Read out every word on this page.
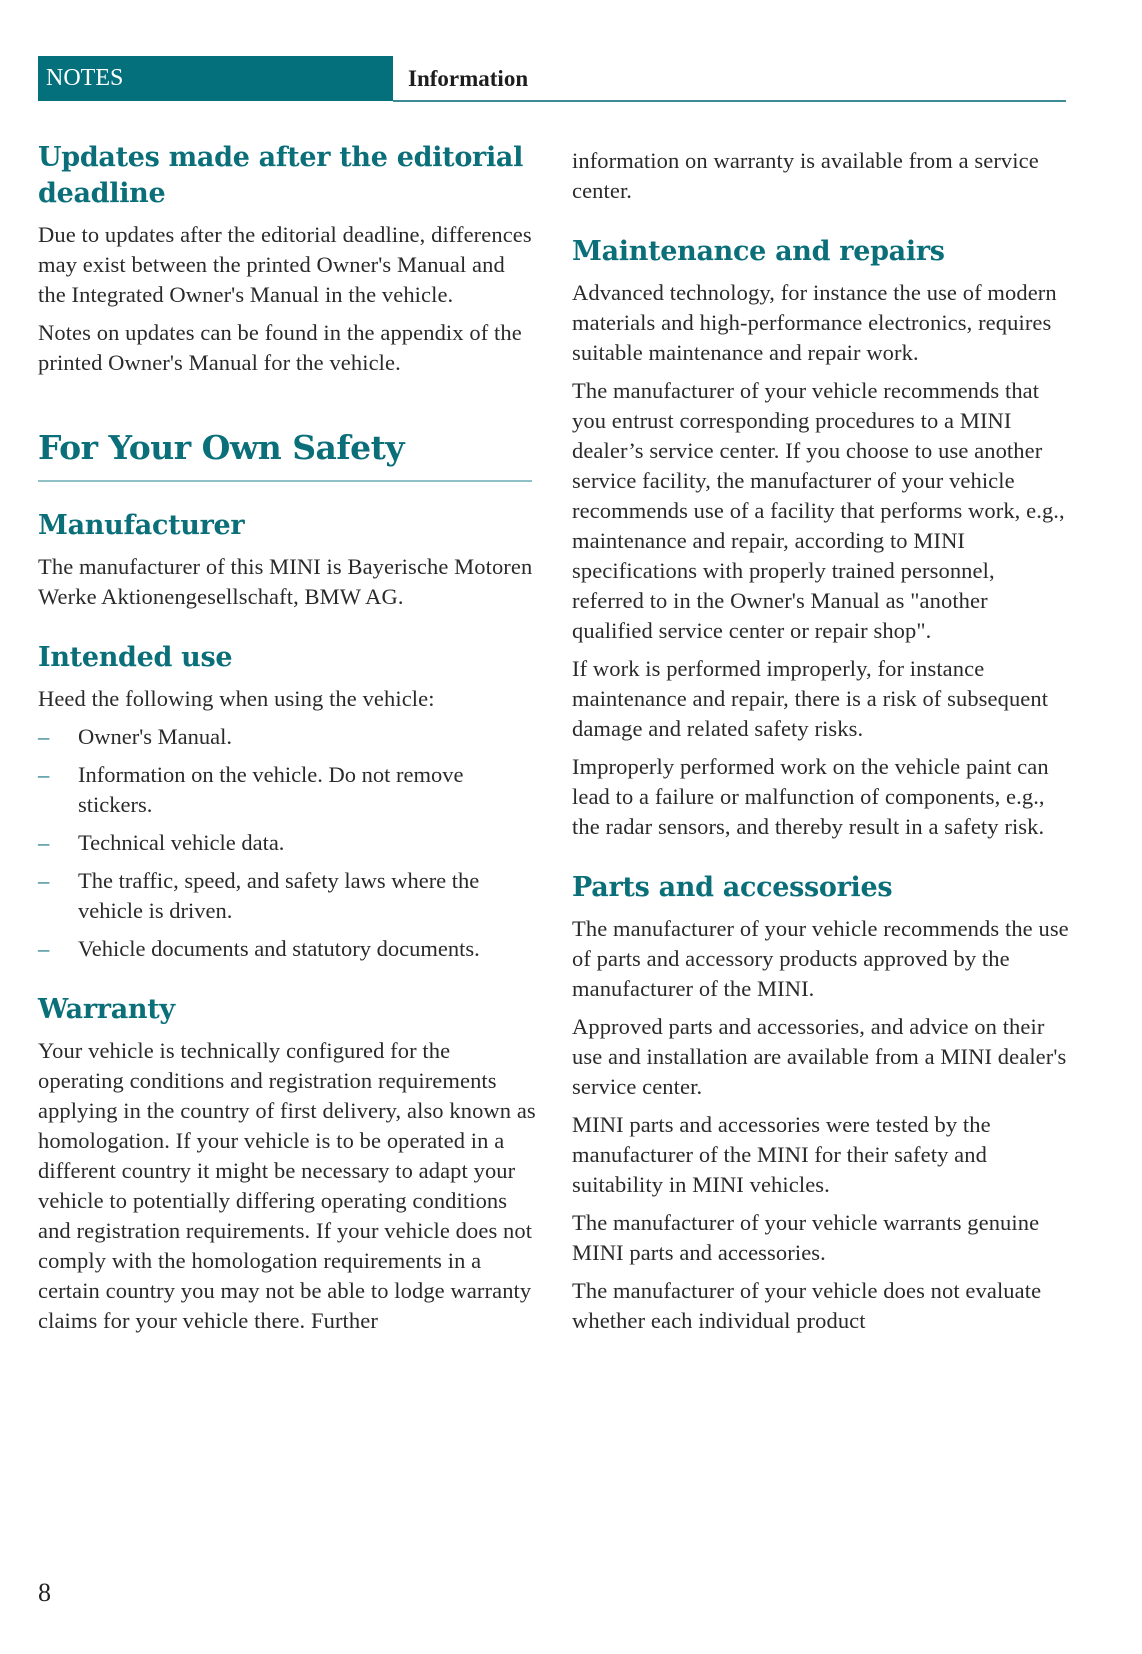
NOTES	Information
Updates made after the editorial deadline

Due to updates after the editorial deadline, differences may exist between the printed Owner's Manual and the Integrated Owner's Manual in the vehicle.

Notes on updates can be found in the appendix of the printed Owner's Manual for the vehicle.

For Your Own Safety
Manufacturer

The manufacturer of this MINI is Bayerische Motoren Werke Aktionengesellschaft, BMW AG.

Intended use

Heed the following when using the vehicle:

– Owner's Manual.
– Information on the vehicle. Do not remove stickers.
– Technical vehicle data.
– The traffic, speed, and safety laws where the vehicle is driven.
– Vehicle documents and statutory documents.
Warranty

Your vehicle is technically configured for the operating conditions and registration requirements applying in the country of first delivery, also known as homologation. If your vehicle is to be operated in a different country it might be necessary to adapt your vehicle to potentially differing operating conditions and registration requirements. If your vehicle does not comply with the homologation requirements in a certain country you may not be able to lodge warranty claims for your vehicle there. Further

information on warranty is available from a service center.

Maintenance and repairs

Advanced technology, for instance the use of modern materials and high-performance electronics, requires suitable maintenance and repair work.

The manufacturer of your vehicle recommends that you entrust corresponding procedures to a MINI dealer’s service center. If you choose to use another service facility, the manufacturer of your vehicle recommends use of a facility that performs work, e.g., maintenance and repair, according to MINI specifications with properly trained personnel, referred to in the Owner's Manual as "another qualified service center or repair shop".

If work is performed improperly, for instance maintenance and repair, there is a risk of subsequent damage and related safety risks.

Improperly performed work on the vehicle paint can lead to a failure or malfunction of components, e.g., the radar sensors, and thereby result in a safety risk.

Parts and accessories

The manufacturer of your vehicle recommends the use of parts and accessory products approved by the manufacturer of the MINI.

Approved parts and accessories, and advice on their use and installation are available from a MINI dealer's service center.

MINI parts and accessories were tested by the manufacturer of the MINI for their safety and suitability in MINI vehicles.

The manufacturer of your vehicle warrants genuine MINI parts and accessories.

The manufacturer of your vehicle does not evaluate whether each individual product

8
